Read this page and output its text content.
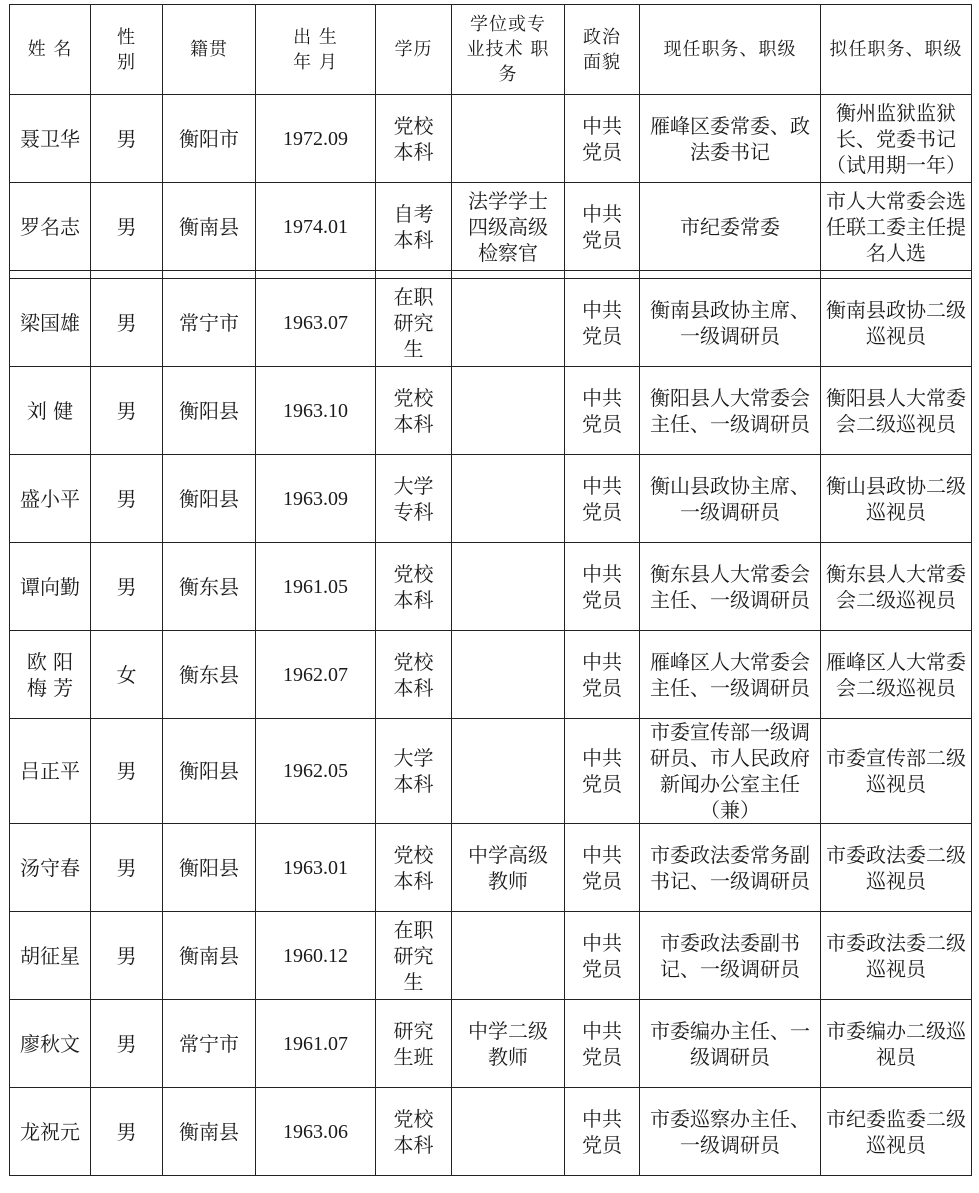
姓 名	性 别	籍贯	出 生 年 月	学历	学位或专 业技术 职务	政治 面貌	现任职务、职级	拟任职务、职级
聂卫华	男	衡阳市	1972.09	党校本科		中共党员	雁峰区委常委、政法委书记	衡州监狱监狱长、党委书记（试用期一年）
罗名志	男	衡南县	1974.01	自考本科	法学学士四级高级检察官	中共党员	市纪委常委	市人大常委会选任联工委主任提名人选

梁国雄	男	常宁市	1963.07	在职研究生		中共党员	衡南县政协主席、一级调研员	衡南县政协二级巡视员
刘 健	男	衡阳县	1963.10	党校本科		中共党员	衡阳县人大常委会主任、一级调研员	衡阳县人大常委会二级巡视员
盛小平	男	衡阳县	1963.09	大学专科		中共党员	衡山县政协主席、一级调研员	衡山县政协二级巡视员
谭向勤	男	衡东县	1961.05	党校本科		中共党员	衡东县人大常委会主任、一级调研员	衡东县人大常委会二级巡视员
欧 阳 梅 芳	女	衡东县	1962.07	党校本科		中共党员	雁峰区人大常委会主任、一级调研员	雁峰区人大常委会二级巡视员
吕正平	男	衡阳县	1962.05	大学本科		中共党员	市委宣传部一级调研员、市人民政府新闻办公室主任（兼）	市委宣传部二级巡视员
汤守春	男	衡阳县	1963.01	党校本科	中学高级教师	中共党员	市委政法委常务副书记、一级调研员	市委政法委二级巡视员
胡征星	男	衡南县	1960.12	在职研究生		中共党员	市委政法委副书记、一级调研员	市委政法委二级巡视员
廖秋文	男	常宁市	1961.07	研究生班	中学二级教师	中共党员	市委编办主任、一级调研员	市委编办二级巡视员
龙祝元	男	衡南县	1963.06	党校本科		中共党员	市委巡察办主任、一级调研员	市纪委监委二级巡视员
